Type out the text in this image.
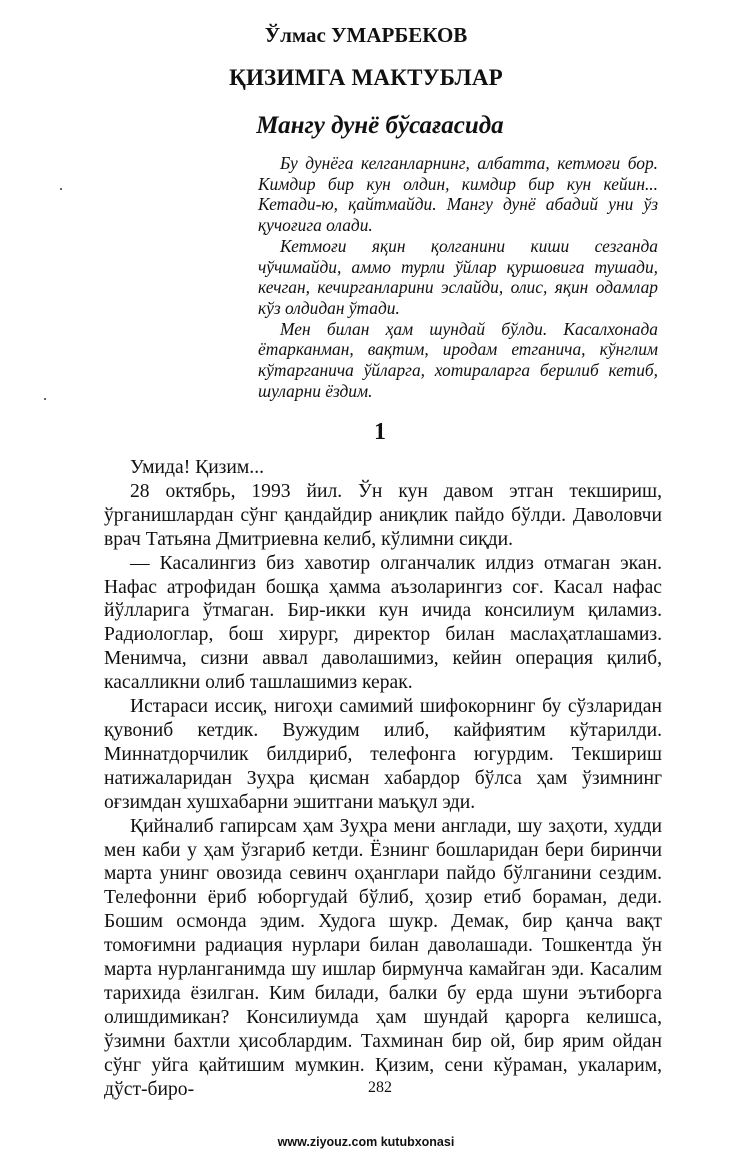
Ўлмас УМАРБЕКОВ
ҚИЗИМГА МАКТУБЛАР
Мангу дунё бўсағасида

Бу дунёга келганларнинг, албатта, кетмоғи бор. Кимдир бир кун олдин, кимдир бир кун кейин... Кетади-ю, қайтмайди. Мангу дунё абадий уни ўз қучоғига олади.

Кетмоғи яқин қолганини киши сезганда чўчимайди, аммо турли ўйлар қуршовига тушади, кечган, кечирганларини эслайди, олис, яқин одамлар кўз олдидан ўтади.

Мен билан ҳам шундай бўлди. Касалхонада ётарканман, вақтим, иродам етганича, кўнглим кўтарганича ўйларга, хотираларга берилиб кетиб, шуларни ёздим.

1

Умида! Қизим...

28 октябрь, 1993 йил. Ўн кун давом этган текшириш, ўрганишлардан сўнг қандайдир аниқлик пайдо бўлди. Даволовчи врач Татьяна Дмитриевна келиб, кўлимни сиқди.

— Касалингиз биз хавотир олганчалик илдиз отмаган экан. Нафас атрофидан бошқа ҳамма аъзоларингиз соғ. Касал нафас йўлларига ўтмаган. Бир-икки кун ичида консилиум қиламиз. Радиологлар, бош хирург, директор билан маслаҳатлашамиз. Менимча, сизни аввал даволашимиз, кейин операция қилиб, касалликни олиб ташлашимиз керак.

Истараси иссиқ, нигоҳи самимий шифокорнинг бу сўзларидан қувониб кетдик. Вужудим илиб, кайфиятим кўтарилди. Миннатдорчилик билдириб, телефонга югурдим. Текшириш натижаларидан Зуҳра қисман хабардор бўлса ҳам ўзимнинг оғзимдан хушхабарни эшитгани маъқул эди.

Қийналиб гапирсам ҳам Зуҳра мени англади, шу заҳоти, худди мен каби у ҳам ўзгариб кетди. Ёзнинг бошларидан бери биринчи марта унинг овозида севинч оҳанглари пайдо бўлганини сездим. Телефонни ёриб юборгудай бўлиб, ҳозир етиб бораман, деди. Бошим осмонда эдим. Худога шукр. Демак, бир қанча вақт томоғимни радиация нурлари билан даволашади. Тошкентда ўн марта нурланганимда шу ишлар бирмунча камайган эди. Касалим тарихида ёзилган. Ким билади, балки бу ерда шуни эътиборга олишдимикан? Консилиумда ҳам шундай қарорга келишса, ўзимни бахтли ҳисоблардим. Тахминан бир ой, бир ярим ойдан сўнг уйга қайтишим мумкин. Қизим, сени кўраман, укаларим, дўст-биро-	282
www.ziyouz.com kutubxonasi
